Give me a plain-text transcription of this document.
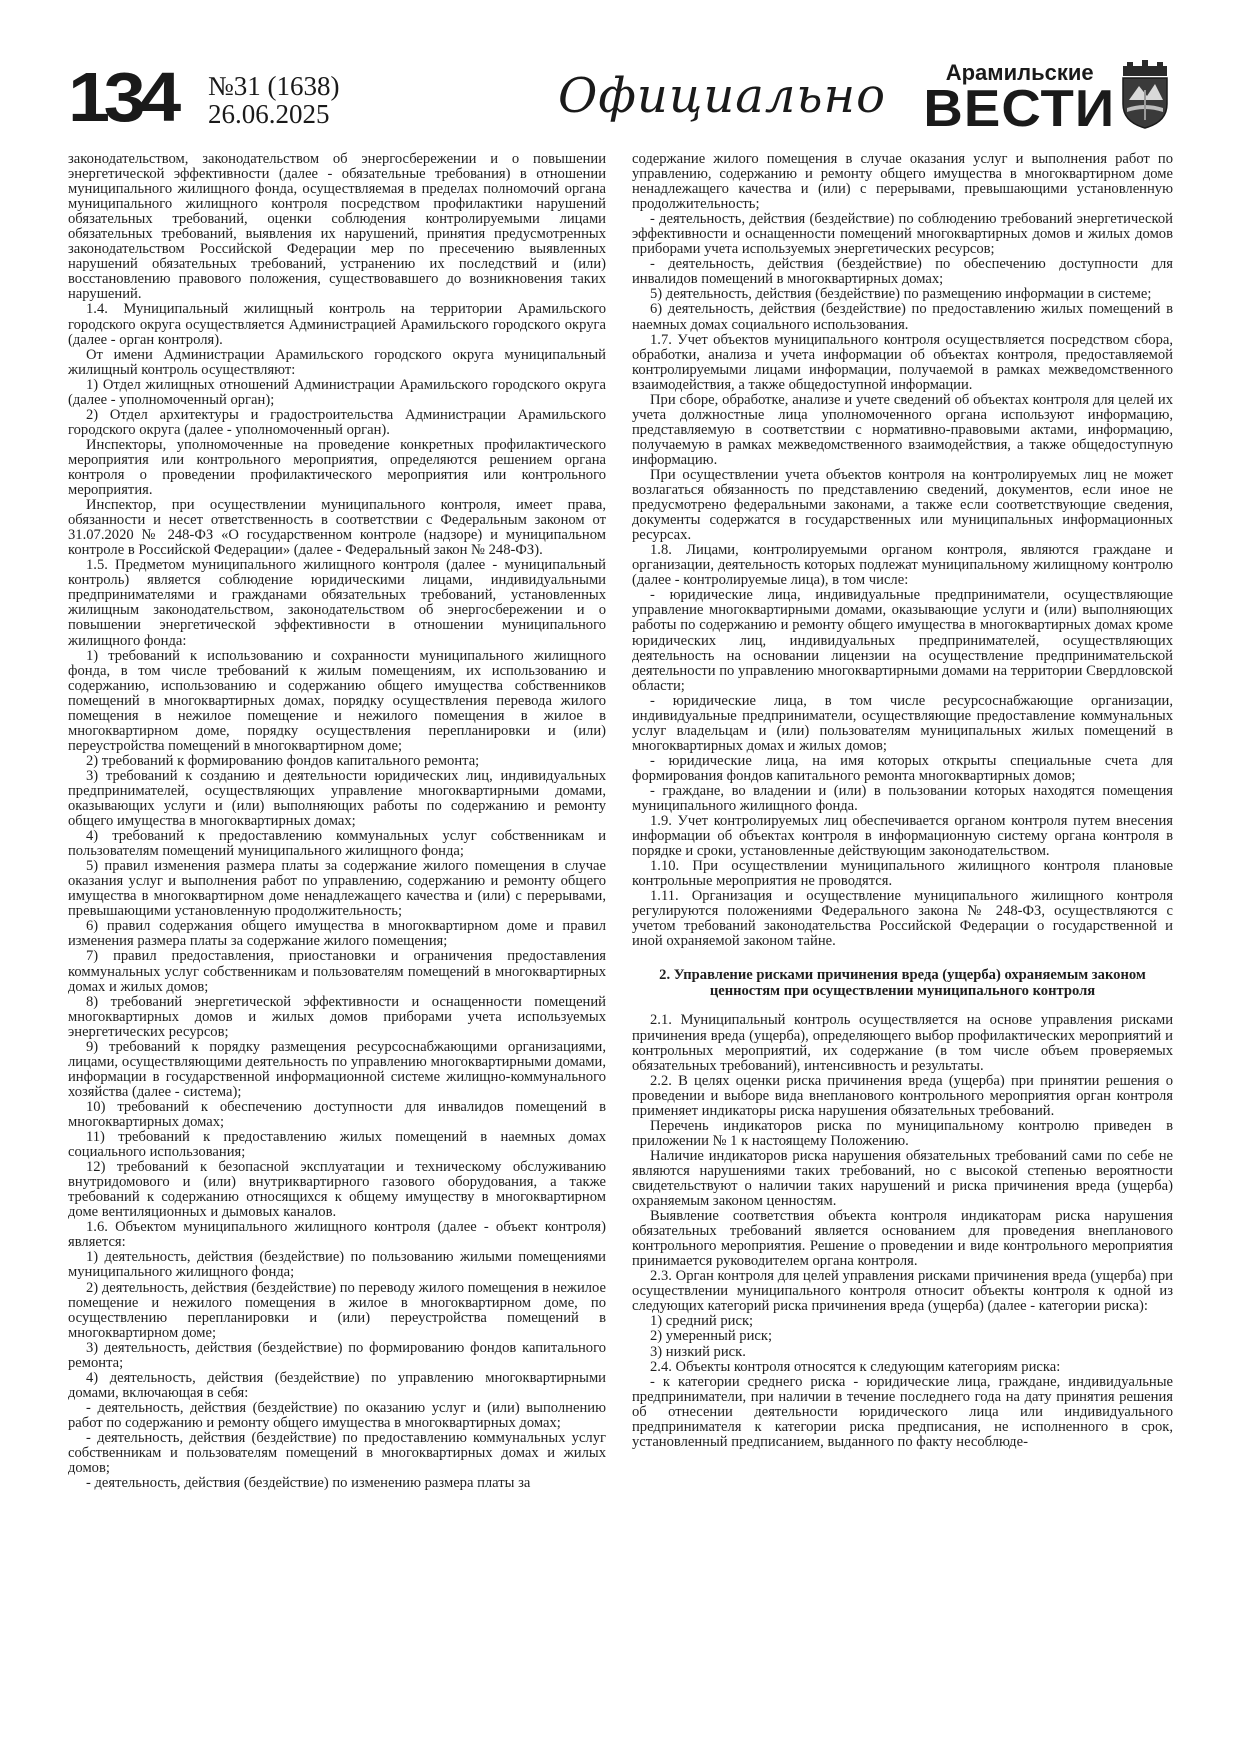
134 №31 (1638)
26.06.2025	Официально	Арамильские
ВЕСТИ

законодательством, законодательством об энергосбережении и о повышении энергетической эффективности (далее - обязательные требования) в отношении муниципального жилищного фонда, осуществляемая в пределах полномочий органа муниципального жилищного контроля посредством профилактики нарушений обязательных требований, оценки соблюдения контролируемыми лицами обязательных требований, выявления их нарушений, принятия предусмотренных законодательством Российской Федерации мер по пресечению выявленных нарушений обязательных требований, устранению их последствий и (или) восстановлению правового положения, существовавшего до возникновения таких нарушений.

1.4. Муниципальный жилищный контроль на территории Арамильского городского округа осуществляется Администрацией Арамильского городского округа (далее - орган контроля).

От имени Администрации Арамильского городского округа муниципальный жилищный контроль осуществляют:

1) Отдел жилищных отношений Администрации Арамильского городского округа (далее - уполномоченный орган);

2) Отдел архитектуры и градостроительства Администрации Арамильского городского округа (далее - уполномоченный орган).

Инспекторы, уполномоченные на проведение конкретных профилактического мероприятия или контрольного мероприятия, определяются решением органа контроля о проведении профилактического мероприятия или контрольного мероприятия.

Инспектор, при осуществлении муниципального контроля, имеет права, обязанности и несет ответственность в соответствии с Федеральным законом от 31.07.2020 № 248-ФЗ «О государственном контроле (надзоре) и муниципальном контроле в Российской Федерации» (далее - Федеральный закон № 248-ФЗ).

1.5. Предметом муниципального жилищного контроля (далее - муниципальный контроль) является соблюдение юридическими лицами, индивидуальными предпринимателями и гражданами обязательных требований, установленных жилищным законодательством, законодательством об энергосбережении и о повышении энергетической эффективности в отношении муниципального жилищного фонда:

1) требований к использованию и сохранности муниципального жилищного фонда, в том числе требований к жилым помещениям, их использованию и содержанию, использованию и содержанию общего имущества собственников помещений в многоквартирных домах, порядку осуществления перевода жилого помещения в нежилое помещение и нежилого помещения в жилое в многоквартирном доме, порядку осуществления перепланировки и (или) переустройства помещений в многоквартирном доме;

2) требований к формированию фондов капитального ремонта;

3) требований к созданию и деятельности юридических лиц, индивидуальных предпринимателей, осуществляющих управление многоквартирными домами, оказывающих услуги и (или) выполняющих работы по содержанию и ремонту общего имущества в многоквартирных домах;

4) требований к предоставлению коммунальных услуг собственникам и пользователям помещений муниципального жилищного фонда;

5) правил изменения размера платы за содержание жилого помещения в случае оказания услуг и выполнения работ по управлению, содержанию и ремонту общего имущества в многоквартирном доме ненадлежащего качества и (или) с перерывами, превышающими установленную продолжительность;

6) правил содержания общего имущества в многоквартирном доме и правил изменения размера платы за содержание жилого помещения;

7) правил предоставления, приостановки и ограничения предоставления коммунальных услуг собственникам и пользователям помещений в многоквартирных домах и жилых домов;

8) требований энергетической эффективности и оснащенности помещений многоквартирных домов и жилых домов приборами учета используемых энергетических ресурсов;

9) требований к порядку размещения ресурсоснабжающими организациями, лицами, осуществляющими деятельность по управлению многоквартирными домами, информации в государственной информационной системе жилищно-коммунального хозяйства (далее - система);

10) требований к обеспечению доступности для инвалидов помещений в многоквартирных домах;

11) требований к предоставлению жилых помещений в наемных домах социального использования;

12) требований к безопасной эксплуатации и техническому обслуживанию внутридомового и (или) внутриквартирного газового оборудования, а также требований к содержанию относящихся к общему имуществу в многоквартирном доме вентиляционных и дымовых каналов.

1.6. Объектом муниципального жилищного контроля (далее - объект контроля) является:

1) деятельность, действия (бездействие) по пользованию жилыми помещениями муниципального жилищного фонда;

2) деятельность, действия (бездействие) по переводу жилого помещения в нежилое помещение и нежилого помещения в жилое в многоквартирном доме, по осуществлению перепланировки и (или) переустройства помещений в многоквартирном доме;

3) деятельность, действия (бездействие) по формированию фондов капитального ремонта;

4) деятельность, действия (бездействие) по управлению многоквартирными домами, включающая в себя:

- деятельность, действия (бездействие) по оказанию услуг и (или) выполнению работ по содержанию и ремонту общего имущества в многоквартирных домах;

- деятельность, действия (бездействие) по предоставлению коммунальных услуг собственникам и пользователям помещений в многоквартирных домах и жилых домов;

- деятельность, действия (бездействие) по изменению размера платы за

содержание жилого помещения в случае оказания услуг и выполнения работ по управлению, содержанию и ремонту общего имущества в многоквартирном доме ненадлежащего качества и (или) с перерывами, превышающими установленную продолжительность;

- деятельность, действия (бездействие) по соблюдению требований энергетической эффективности и оснащенности помещений многоквартирных домов и жилых домов приборами учета используемых энергетических ресурсов;

- деятельность, действия (бездействие) по обеспечению доступности для инвалидов помещений в многоквартирных домах;

5) деятельность, действия (бездействие) по размещению информации в системе;

6) деятельность, действия (бездействие) по предоставлению жилых помещений в наемных домах социального использования.

1.7. Учет объектов муниципального контроля осуществляется посредством сбора, обработки, анализа и учета информации об объектах контроля, предоставляемой контролируемыми лицами информации, получаемой в рамках межведомственного взаимодействия, а также общедоступной информации.

При сборе, обработке, анализе и учете сведений об объектах контроля для целей их учета должностные лица уполномоченного органа используют информацию, представляемую в соответствии с нормативно-правовыми актами, информацию, получаемую в рамках межведомственного взаимодействия, а также общедоступную информацию.

При осуществлении учета объектов контроля на контролируемых лиц не может возлагаться обязанность по представлению сведений, документов, если иное не предусмотрено федеральными законами, а также если соответствующие сведения, документы содержатся в государственных или муниципальных информационных ресурсах.

1.8. Лицами, контролируемыми органом контроля, являются граждане и организации, деятельность которых подлежат муниципальному жилищному контролю (далее - контролируемые лица), в том числе:

- юридические лица, индивидуальные предприниматели, осуществляющие управление многоквартирными домами, оказывающие услуги и (или) выполняющих работы по содержанию и ремонту общего имущества в многоквартирных домах кроме юридических лиц, индивидуальных предпринимателей, осуществляющих деятельность на основании лицензии на осуществление предпринимательской деятельности по управлению многоквартирными домами на территории Свердловской области;

- юридические лица, в том числе ресурсоснабжающие организации, индивидуальные предприниматели, осуществляющие предоставление коммунальных услуг владельцам и (или) пользователям муниципальных жилых помещений в многоквартирных домах и жилых домов;

- юридические лица, на имя которых открыты специальные счета для формирования фондов капитального ремонта многоквартирных домов;

- граждане, во владении и (или) в пользовании которых находятся помещения муниципального жилищного фонда.

1.9. Учет контролируемых лиц обеспечивается органом контроля путем внесения информации об объектах контроля в информационную систему органа контроля в порядке и сроки, установленные действующим законодательством.

1.10. При осуществлении муниципального жилищного контроля плановые контрольные мероприятия не проводятся.

1.11. Организация и осуществление муниципального жилищного контроля регулируются положениями Федерального закона № 248-ФЗ, осуществляются с учетом требований законодательства Российской Федерации о государственной и иной охраняемой законом тайне.

2. Управление рисками причинения вреда (ущерба) охраняемым законом ценностям при осуществлении муниципального контроля

2.1. Муниципальный контроль осуществляется на основе управления рисками причинения вреда (ущерба), определяющего выбор профилактических мероприятий и контрольных мероприятий, их содержание (в том числе объем проверяемых обязательных требований), интенсивность и результаты.

2.2. В целях оценки риска причинения вреда (ущерба) при принятии решения о проведении и выборе вида внепланового контрольного мероприятия орган контроля применяет индикаторы риска нарушения обязательных требований.

Перечень индикаторов риска по муниципальному контролю приведен в приложении № 1 к настоящему Положению.

Наличие индикаторов риска нарушения обязательных требований сами по себе не являются нарушениями таких требований, но с высокой степенью вероятности свидетельствуют о наличии таких нарушений и риска причинения вреда (ущерба) охраняемым законом ценностям.

Выявление соответствия объекта контроля индикаторам риска нарушения обязательных требований является основанием для проведения внепланового контрольного мероприятия. Решение о проведении и виде контрольного мероприятия принимается руководителем органа контроля.

2.3. Орган контроля для целей управления рисками причинения вреда (ущерба) при осуществлении муниципального контроля относит объекты контроля к одной из следующих категорий риска причинения вреда (ущерба) (далее - категории риска):

1) средний риск;

2) умеренный риск;

3) низкий риск.

2.4. Объекты контроля относятся к следующим категориям риска:

- к категории среднего риска - юридические лица, граждане, индивидуальные предприниматели, при наличии в течение последнего года на дату принятия решения об отнесении деятельности юридического лица или индивидуального предпринимателя к категории риска предписания, не исполненного в срок, установленный предписанием, выданного по факту несоблюде-
